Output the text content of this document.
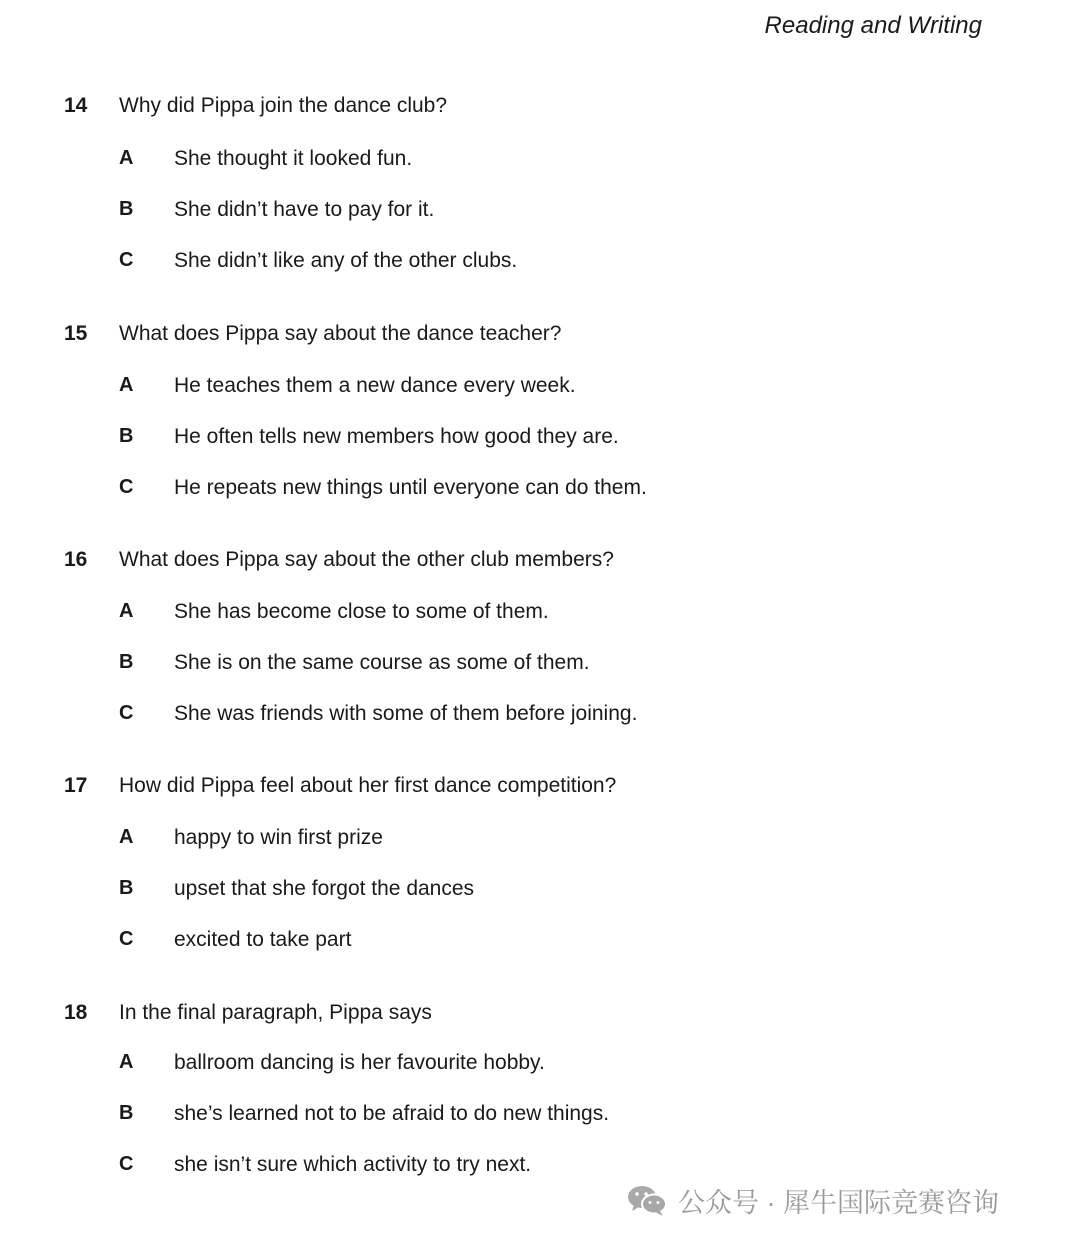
Reading and Writing
14 Why did Pippa join the dance club?
A She thought it looked fun.
B She didn’t have to pay for it.
C She didn’t like any of the other clubs.
15 What does Pippa say about the dance teacher?
A He teaches them a new dance every week.
B He often tells new members how good they are.
C He repeats new things until everyone can do them.
16 What does Pippa say about the other club members?
A She has become close to some of them.
B She is on the same course as some of them.
C She was friends with some of them before joining.
17 How did Pippa feel about her first dance competition?
A happy to win first prize
B upset that she forgot the dances
C excited to take part
18 In the final paragraph, Pippa says
A ballroom dancing is her favourite hobby.
B she’s learned not to be afraid to do new things.
C she isn’t sure which activity to try next.
公众号 · 犀牛国际竞赛咨询
